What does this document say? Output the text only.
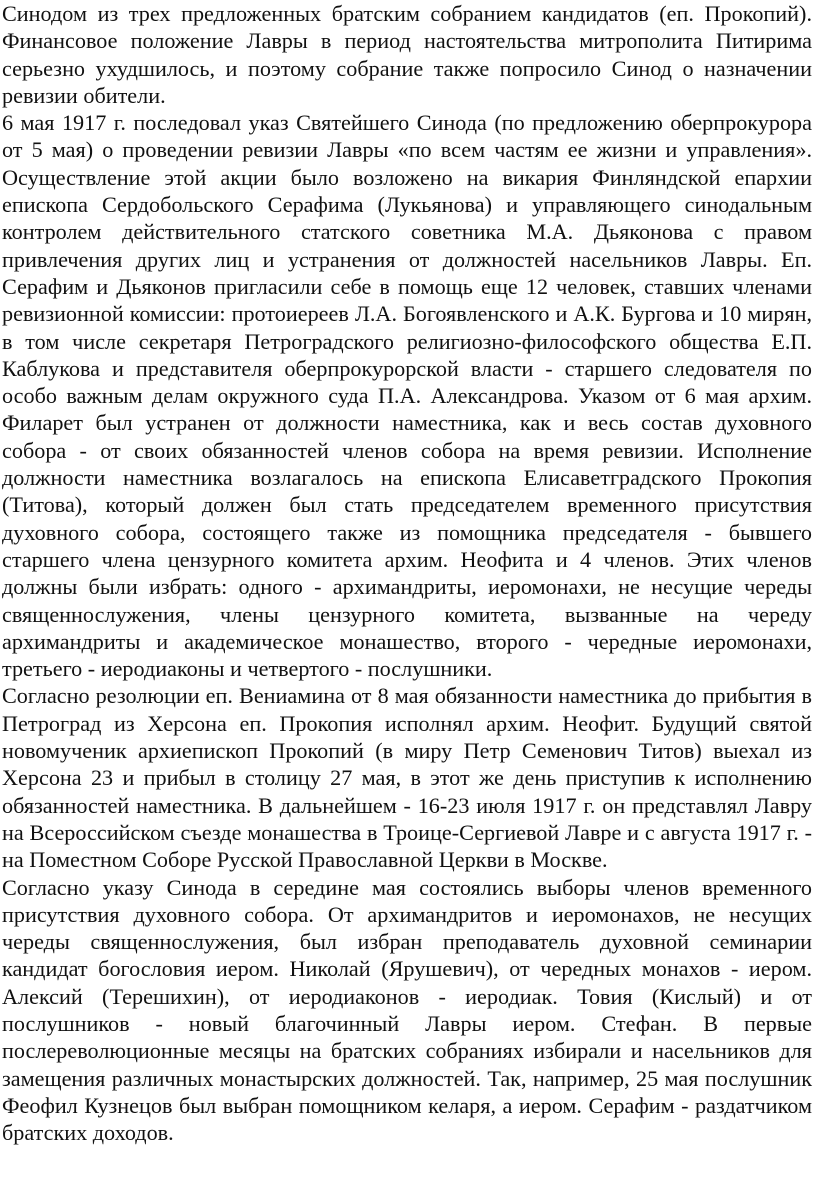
Синодом из трех предложенных братским собранием кандидатов (еп. Прокопий). Финансовое положение Лавры в период настоятельства митрополита Питирима серьезно ухудшилось, и поэтому собрание также попросило Синод о назначении ревизии обители.

6 мая 1917 г. последовал указ Святейшего Синода (по предложению оберпрокурора от 5 мая) о проведении ревизии Лавры «по всем частям ее жизни и управления». Осуществление этой акции было возложено на викария Финляндской епархии епископа Сердобольского Серафима (Лукьянова) и управляющего синодальным контролем действительного статского советника М.А. Дьяконова с правом привлечения других лиц и устранения от должностей насельников Лавры. Еп. Серафим и Дьяконов пригласили себе в помощь еще 12 человек, ставших членами ревизионной комиссии: протоиереев Л.А. Богоявленского и А.К. Бургова и 10 мирян, в том числе секретаря Петроградского религиозно-философского общества Е.П. Каблукова и представителя оберпрокурорской власти - старшего следователя по особо важным делам окружного суда П.А. Александрова. Указом от 6 мая архим. Филарет был устранен от должности наместника, как и весь состав духовного собора - от своих обязанностей членов собора на время ревизии. Исполнение должности наместника возлагалось на епископа Елисаветградского Прокопия (Титова), который должен был стать председателем временного присутствия духовного собора, состоящего также из помощника председателя - бывшего старшего члена цензурного комитета архим. Неофита и 4 членов. Этих членов должны были избрать: одного - архимандриты, иеромонахи, не несущие череды священнослужения, члены цензурного комитета, вызванные на череду архимандриты и академическое монашество, второго - чередные иеромонахи, третьего - иеродиаконы и четвертого - послушники.

Согласно резолюции еп. Вениамина от 8 мая обязанности наместника до прибытия в Петроград из Херсона еп. Прокопия исполнял архим. Неофит. Будущий святой новомученик архиепископ Прокопий (в миру Петр Семенович Титов) выехал из Херсона 23 и прибыл в столицу 27 мая, в этот же день приступив к исполнению обязанностей наместника. В дальнейшем - 16-23 июля 1917 г. он представлял Лавру на Всероссийском съезде монашества в Троице-Сергиевой Лавре и с августа 1917 г. - на Поместном Соборе Русской Православной Церкви в Москве.

Согласно указу Синода в середине мая состоялись выборы членов временного присутствия духовного собора. От архимандритов и иеромонахов, не несущих череды священнослужения, был избран преподаватель духовной семинарии кандидат богословия иером. Николай (Ярушевич), от чередных монахов - иером. Алексий (Терешихин), от иеродиаконов - иеродиак. Товия (Кислый) и от послушников - новый благочинный Лавры иером. Стефан. В первые послереволюционные месяцы на братских собраниях избирали и насельников для замещения различных монастырских должностей. Так, например, 25 мая послушник Феофил Кузнецов был выбран помощником келаря, а иером. Серафим - раздатчиком братских доходов.
